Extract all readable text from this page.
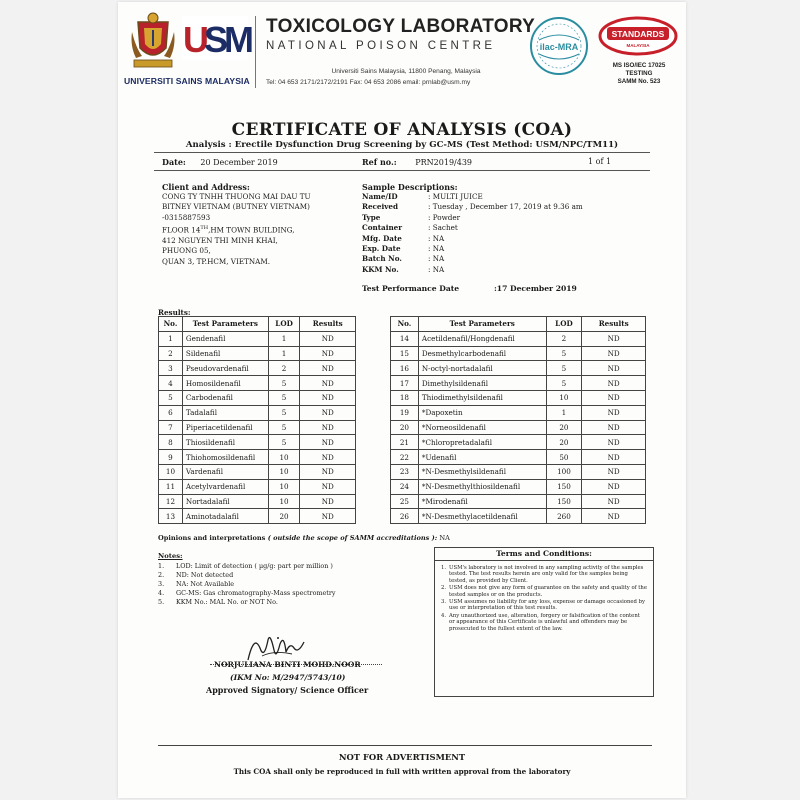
U
S
M
UNIVERSITI SAINS MALAYSIA
TOXICOLOGY LABORATORY
NATIONAL POISON CENTRE
Universiti Sains Malaysia, 11800 Penang, Malaysia
Tel: 04 653 2171/2172/2191 Fax: 04 653 2086 email: prnlab@usm.my
ilac-MRA
STANDARDS
MALAYSIA
MS ISO/IEC 17025
TESTING
SAMM No. 523
CERTIFICATE OF ANALYSIS (COA)
Analysis : Erectile Dysfunction Drug Screening by GC-MS (Test Method: USM/NPC/TM11)
Date: 20 December 2019	Ref no.: PRN2019/439	1 of 1
Client and Address:
CONG TY TNHH THUONG MAI DAU TU
BITNEY VIETNAM (BUTNEY VIETNAM)
-0315887593
FLOOR 14TH,HM TOWN BUILDING,
412 NGUYEN THI MINH KHAI,
PHUONG 05,
QUAN 3, TP.HCM, VIETNAM.
Sample Descriptions:
Name/ID	: MULTI JUICE
Received	: Tuesday , December 17, 2019 at 9.36 am
Type	: Powder
Container	: Sachet
Mfg. Date	: NA
Exp. Date	: NA
Batch No.	: NA
KKM No.	: NA
Test Performance Date	:17 December 2019
Results:
No.	Test Parameters	LOD	Results
1	Gendenafil	1	ND
2	Sildenafil	1	ND
3	Pseudovardenafil	2	ND
4	Homosildenafil	5	ND
5	Carbodenafil	5	ND
6	Tadalafil	5	ND
7	Piperiacetildenafil	5	ND
8	Thiosildenafil	5	ND
9	Thiohomosildenafil	10	ND
10	Vardenafil	10	ND
11	Acetylvardenafil	10	ND
12	Nortadalafil	10	ND
13	Aminotadalafil	20	ND
No.	Test Parameters	LOD	Results
14	Acetildenafil/Hongdenafil	2	ND
15	Desmethylcarbodenafil	5	ND
16	N-octyl-nortadalafil	5	ND
17	Dimethylsildenafil	5	ND
18	Thiodimethylsildenafil	10	ND
19	*Dapoxetin	1	ND
20	*Norneosildenafil	20	ND
21	*Chloropretadalafil	20	ND
22	*Udenafil	50	ND
23	*N-Desmethylsildenafil	100	ND
24	*N-Desmethylthiosildenafil	150	ND
25	*Mirodenafil	150	ND
26	*N-Desmethylacetildenafil	260	ND
Opinions and interpretations ( outside the scope of SAMM accreditations ): NA
Notes:
1.	LOD: Limit of detection ( µg/g: part per million )
2.	ND: Not detected
3.	NA: Not Available
4.	GC-MS: Gas chromatography-Mass spectrometry
5.	KKM No.: MAL No. or NOT No.
Terms and Conditions:
1. USM's laboratory is not involved in any sampling activity of the samples tested. The test results herein are only valid for the samples being tested, as provided by Client.
2. USM does not give any form of guarantee on the safety and quality of the tested samples or on the products.
3. USM assumes no liability for any loss, expense or damage occasioned by use or interpretation of this test results.
4. Any unauthorized use, alteration, forgery or falsification of the content or appearance of this Certificate is unlawful and offenders may be prosecuted to the fullest extent of the law.
NORJULIANA BINTI MOHD.NOOR
(IKM No: M/2947/5743/10)
Approved Signatory/ Science Officer
NOT FOR ADVERTISMENT
This COA shall only be reproduced in full with written approval from the laboratory
